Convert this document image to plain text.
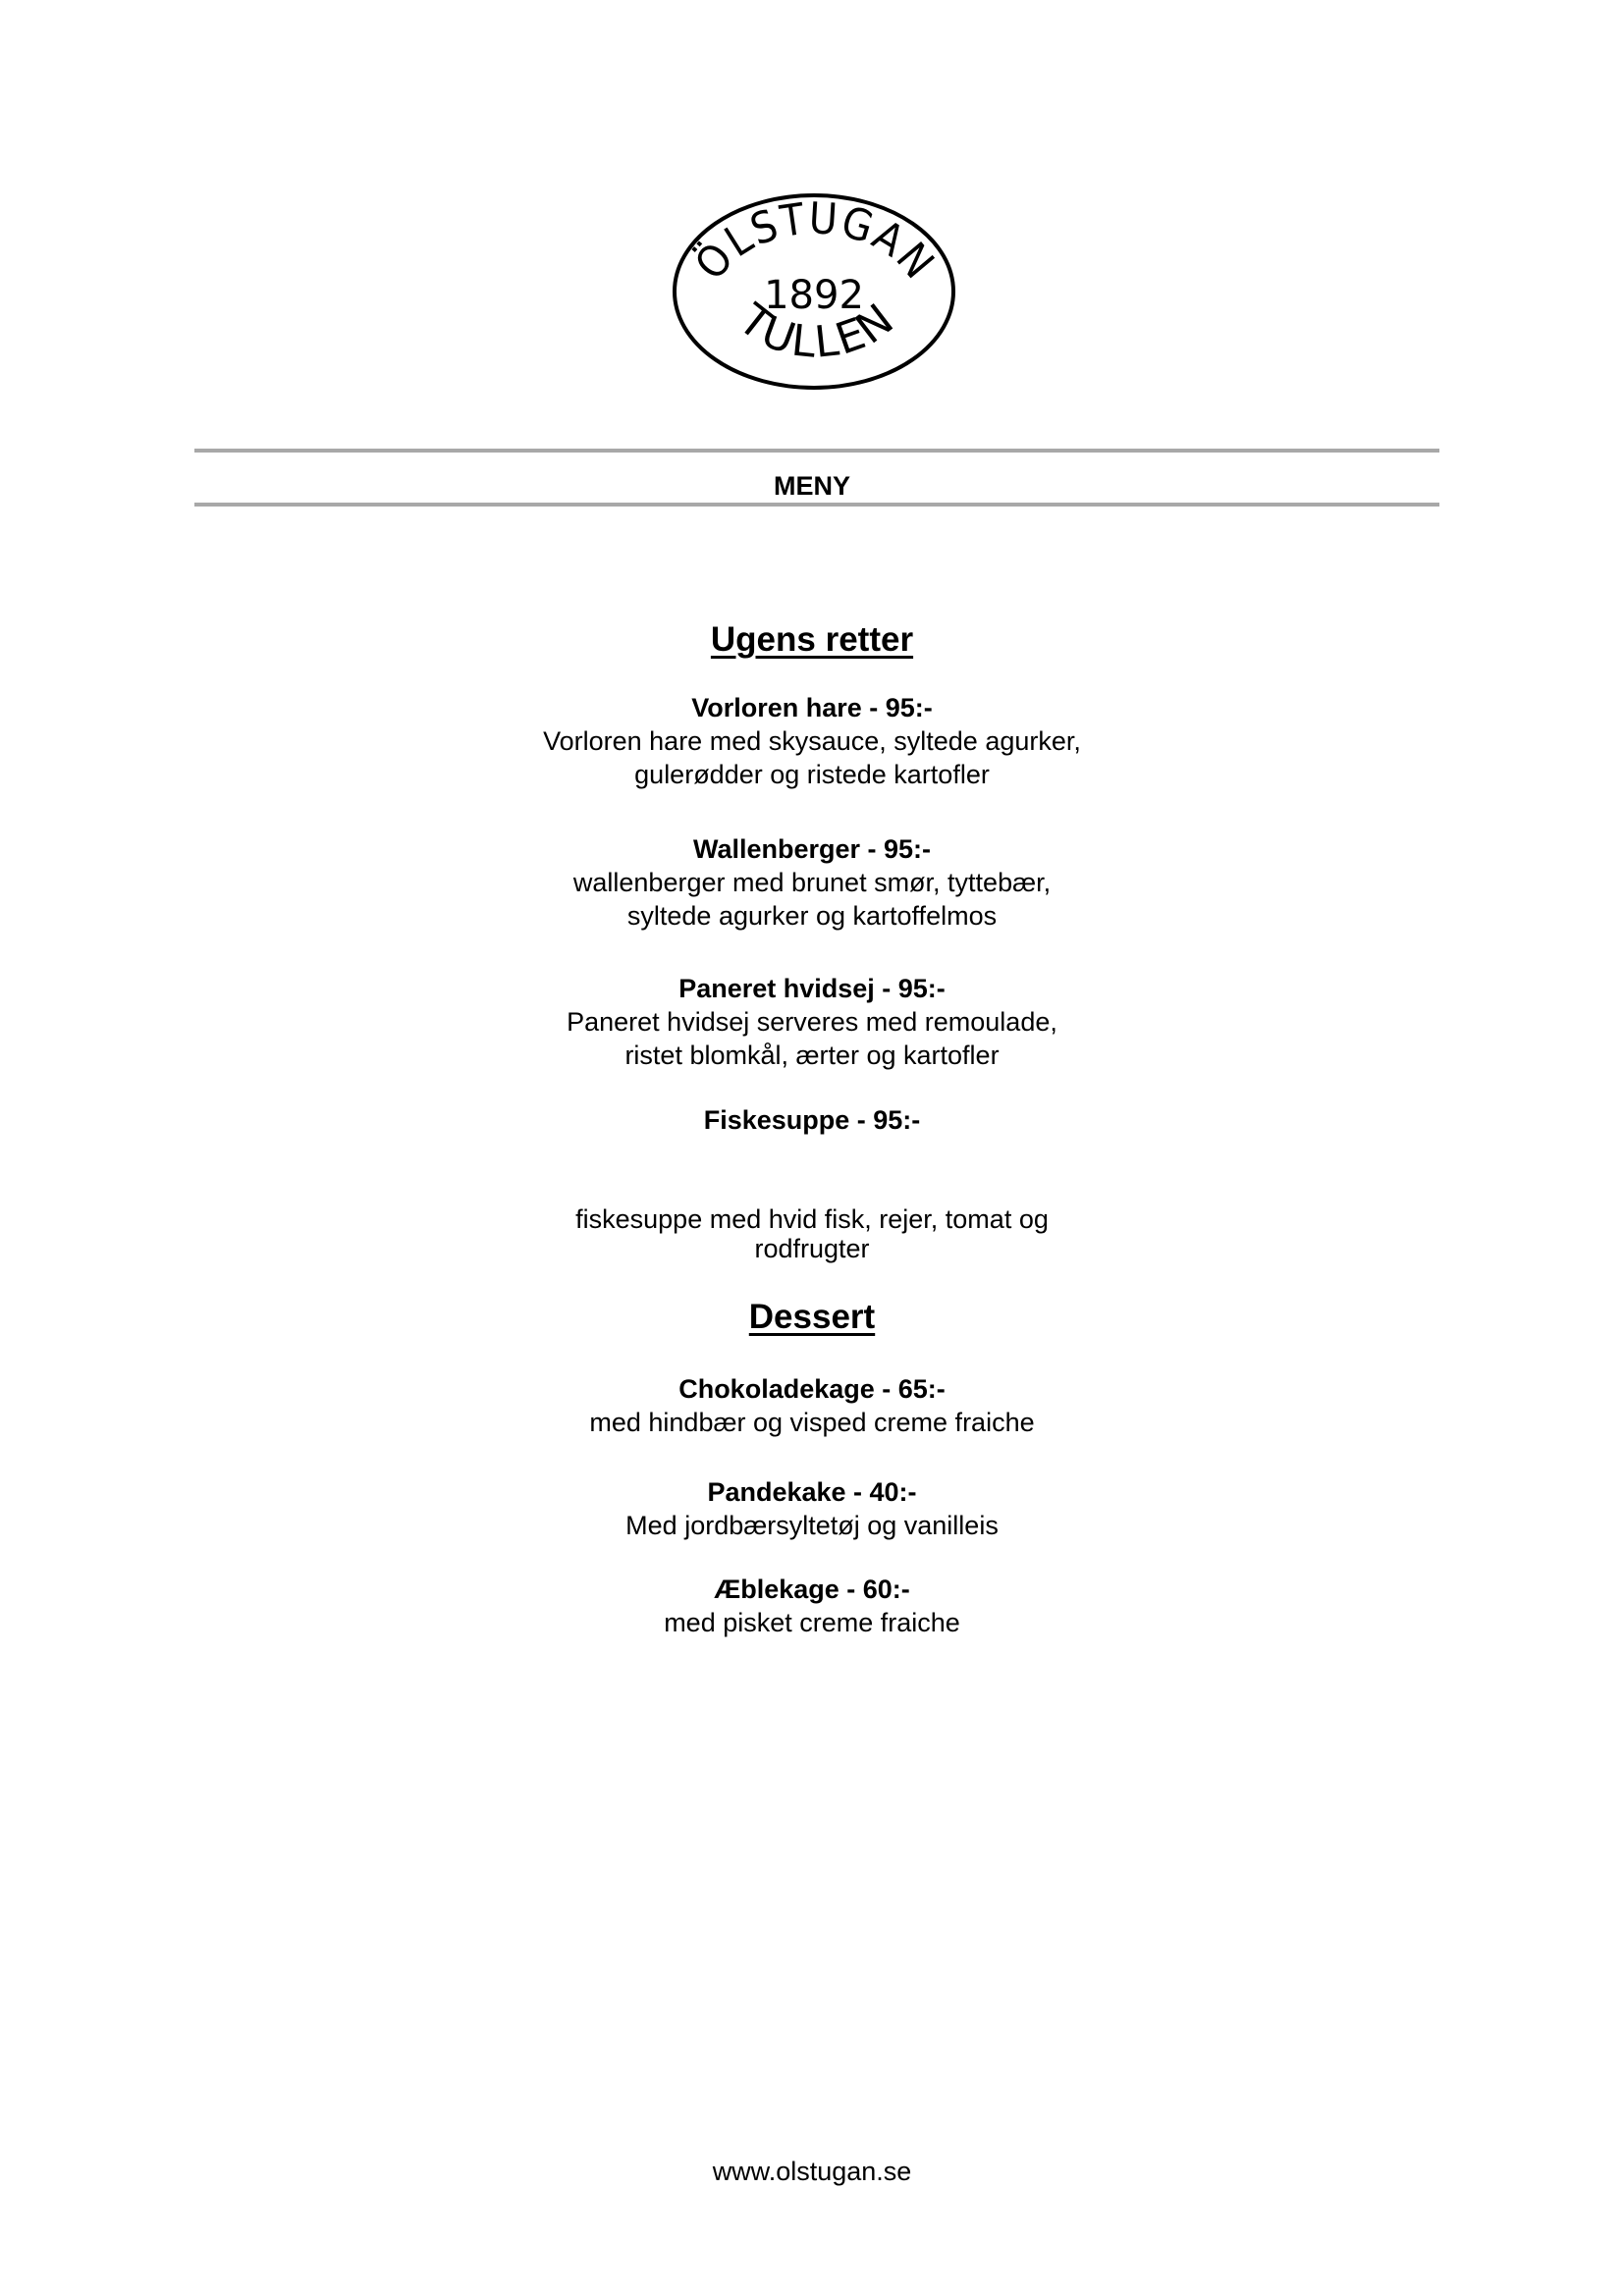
ÖLSTUGAN
1892
TULLEN
MENY
Ugens retter
Vorloren hare - 95:-
Vorloren hare med skysauce, syltede agurker,
gulerødder og ristede kartofler
Wallenberger - 95:-
wallenberger med brunet smør, tyttebær,
syltede agurker og kartoffelmos
Paneret hvidsej - 95:-
Paneret hvidsej serveres med remoulade,
ristet blomkål, ærter og kartofler
Fiskesuppe - 95:-
fiskesuppe med hvid fisk, rejer, tomat og
rodfrugter
Dessert
Chokoladekage - 65:-
med hindbær og visped creme fraiche
Pandekake - 40:-
Med jordbærsyltetøj og vanilleis
Æblekage - 60:-
med pisket creme fraiche
www.olstugan.se
